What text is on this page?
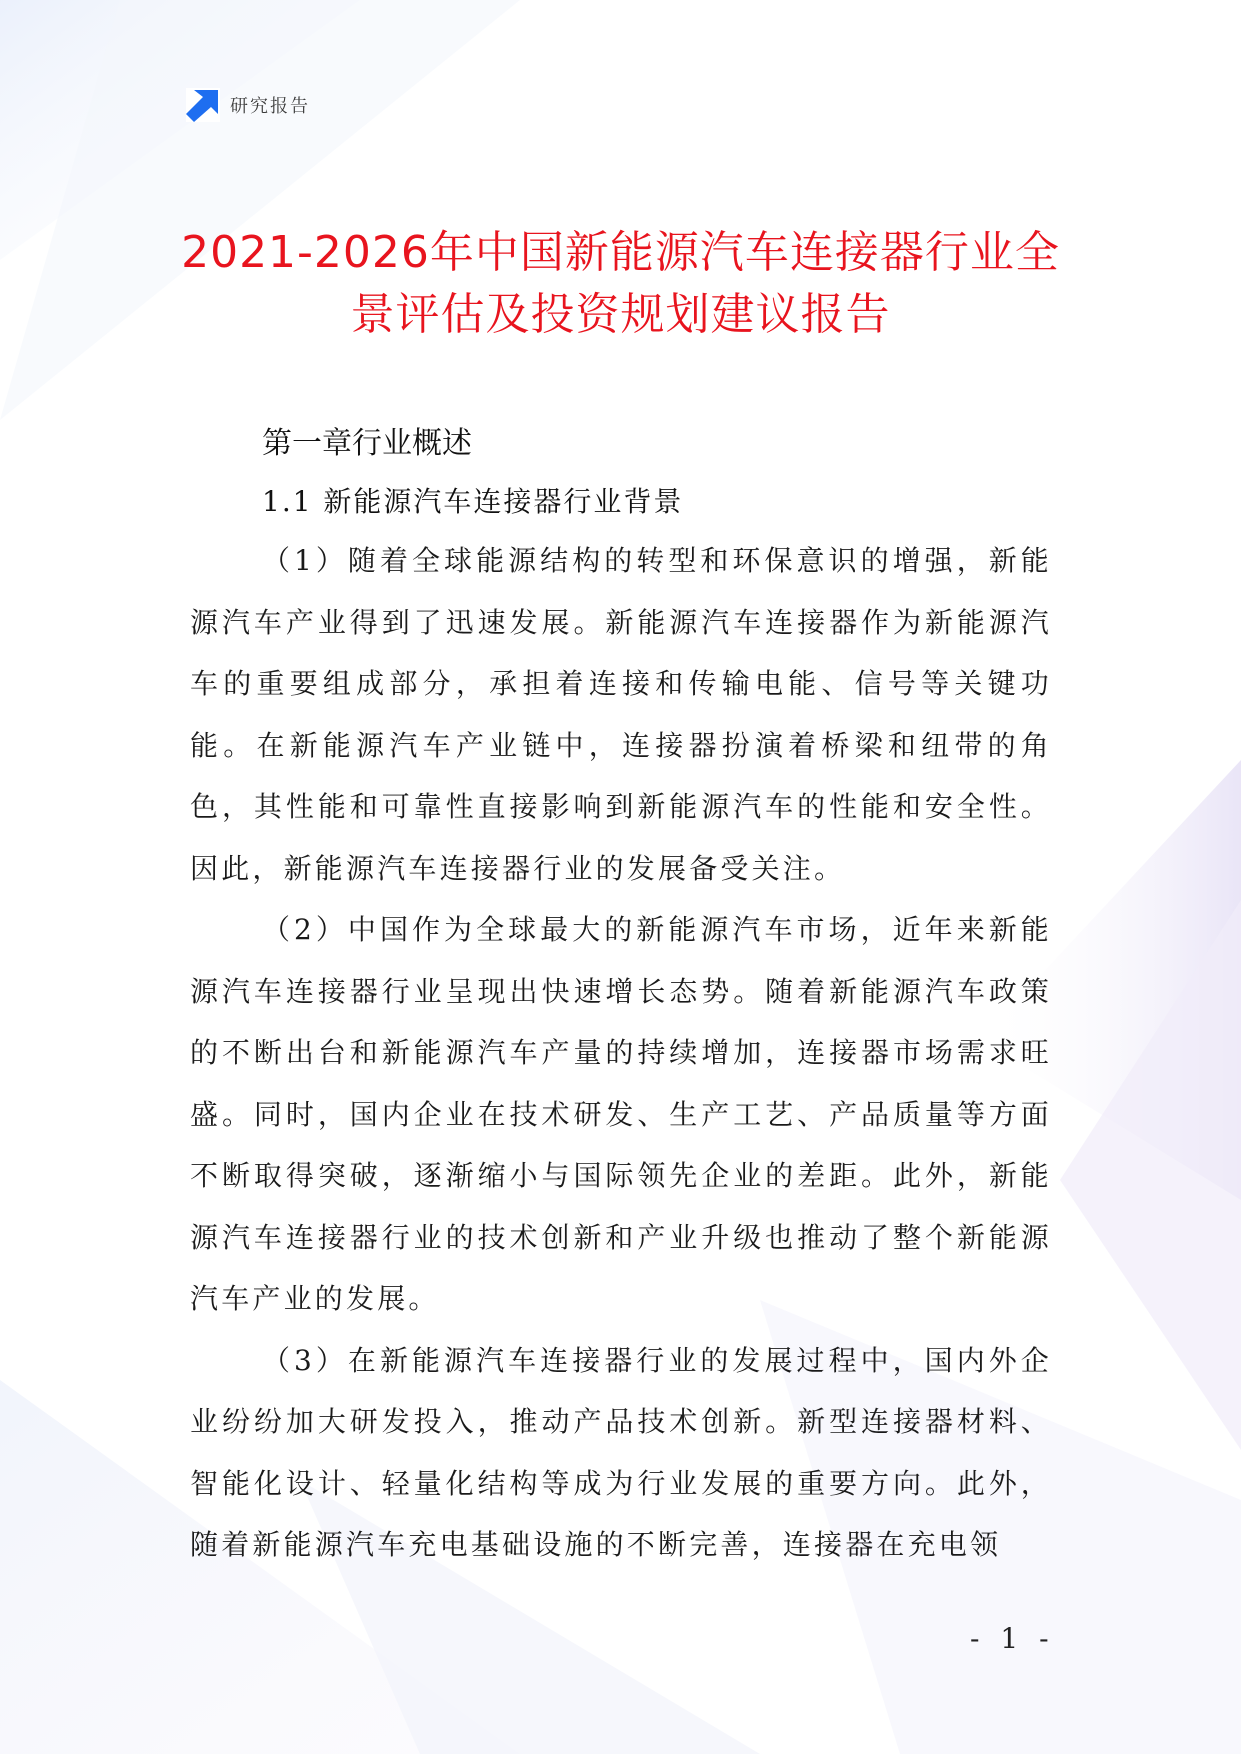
研究报告
2021-2026年中国新能源汽车连接器行业全
景评估及投资规划建议报告
第一章行业概述
1.1 新能源汽车连接器行业背景

（1）随着全球能源结构的转型和环保意识的增强，新能源汽车产业得到了迅速发展。新能源汽车连接器作为新能源汽车的重要组成部分，承担着连接和传输电能、信号等关键功能。在新能源汽车产业链中，连接器扮演着桥梁和纽带的角色，其性能和可靠性直接影响到新能源汽车的性能和安全性。因此，新能源汽车连接器行业的发展备受关注。

（2）中国作为全球最大的新能源汽车市场，近年来新能源汽车连接器行业呈现出快速增长态势。随着新能源汽车政策的不断出台和新能源汽车产量的持续增加，连接器市场需求旺盛。同时，国内企业在技术研发、生产工艺、产品质量等方面不断取得突破，逐渐缩小与国际领先企业的差距。此外，新能源汽车连接器行业的技术创新和产业升级也推动了整个新能源汽车产业的发展。

（3）在新能源汽车连接器行业的发展过程中，国内外企业纷纷加大研发投入，推动产品技术创新。新型连接器材料、智能化设计、轻量化结构等成为行业发展的重要方向。此外，随着新能源汽车充电基础设施的不断完善，连接器在充电领

- 1 -
